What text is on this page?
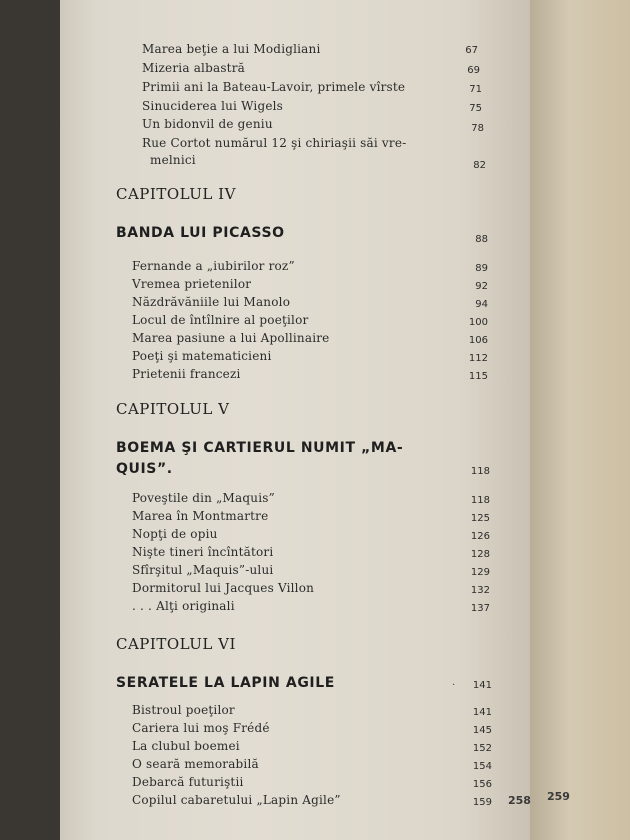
Marea beţie a lui Modigliani	67
Mizeria albastră	69
Primii ani la Bateau-Lavoir, primele vîrste	71
Sinuciderea lui Wigels	75
Un bidonvil de geniu	78
Rue Cortot numărul 12 şi chiriaşii săi vre-
melnici	82
CAPITOLUL IV
BANDA LUI PICASSO	88
Fernande a „iubirilor roz”	89
Vremea prietenilor	92
Năzdrăvăniile lui Manolo	94
Locul de întîlnire al poeţilor	100
Marea pasiune a lui Apollinaire	106
Poeţi şi matematicieni	112
Prietenii francezi	115
CAPITOLUL V
BOEMA ŞI CARTIERUL NUMIT „MA-
QUIS”.	118
Poveştile din „Maquis”	118
Marea în Montmartre	125
Nopţi de opiu	126
Nişte tineri încîntători	128
Sfîrşitul „Maquis”-ului	129
Dormitorul lui Jacques Villon	132
. . . Alţi originali	137
CAPITOLUL VI
SERATELE LA LAPIN AGILE	·	141
Bistroul poeţilor	141
Cariera lui moş Frédé	145
La clubul boemei	152
O seară memorabilă	154
Debarcă futuriştii	156
Copilul cabaretului „Lapin Agile”	159 258 259
